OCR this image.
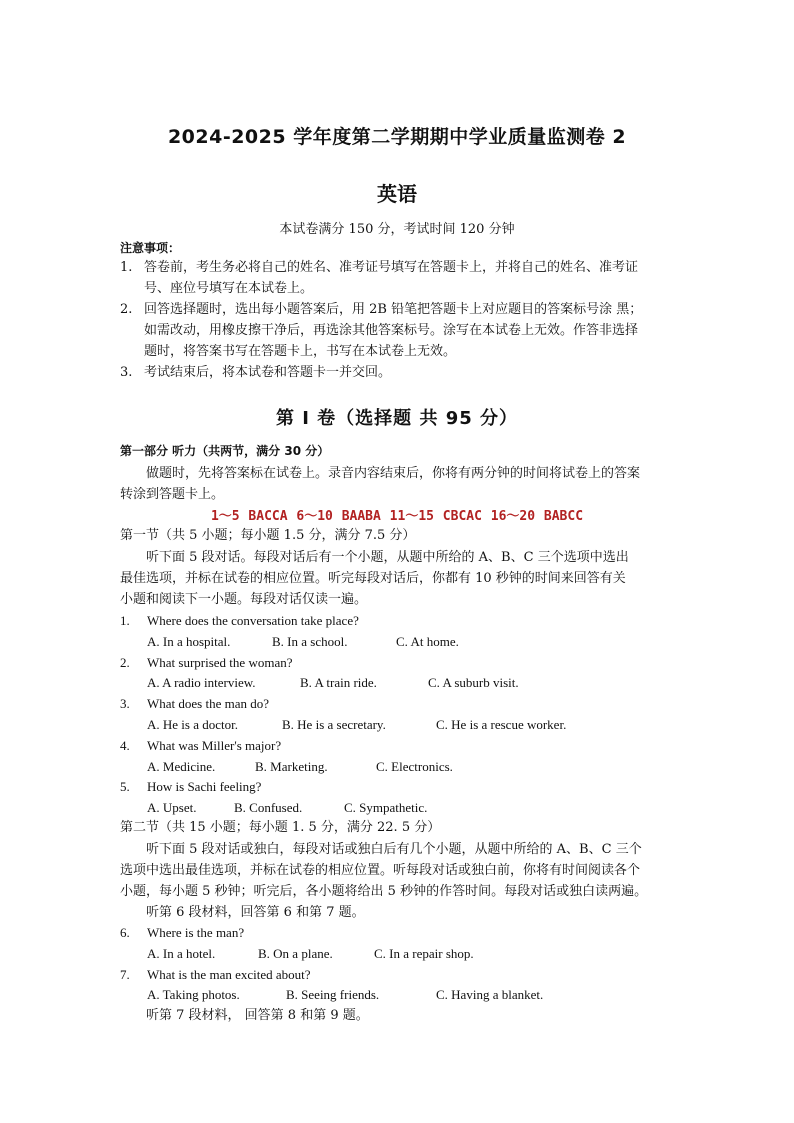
2024-2025 学年度第二学期期中学业质量监测卷 2
英语
本试卷满分 150 分，考试时间 120 分钟
注意事项：
1. 答卷前，考生务必将自己的姓名、准考证号填写在答题卡上，并将自己的姓名、准考证
号、座位号填写在本试卷上。
2. 回答选择题时，选出每小题答案后，用 2B 铅笔把答题卡上对应题目的答案标号涂 黑；
如需改动，用橡皮擦干净后，再选涂其他答案标号。涂写在本试卷上无效。作答非选择
题时，将答案书写在答题卡上，书写在本试卷上无效。
3. 考试结束后，将本试卷和答题卡一并交回。
第 I 卷（选择题 共 95 分）
第一部分 听力（共两节，满分 30 分）
做题时，先将答案标在试卷上。录音内容结束后，你将有两分钟的时间将试卷上的答案
转涂到答题卡上。
1～5 BACCA 6～10 BAABA 11～15 CBCAC 16～20 BABCC
第一节（共 5 小题；每小题 1.5 分，满分 7.5 分）
听下面 5 段对话。每段对话后有一个小题，从题中所给的 A、B、C 三个选项中选出
最佳选项，并标在试卷的相应位置。听完每段对话后，你都有 10 秒钟的时间来回答有关
小题和阅读下一小题。每段对话仅读一遍。
1. Where does the conversation take place?
A. In a hospital.	B. In a school.	C. At home.
2. What surprised the woman?
A. A radio interview.	B. A train ride.	C. A suburb visit.
3. What does the man do?
A. He is a doctor.	B. He is a secretary.	C. He is a rescue worker.
4. What was Miller's major?
A. Medicine.	B. Marketing.	C. Electronics.
5. How is Sachi feeling?
A. Upset.	B. Confused.	C. Sympathetic.
第二节（共 15 小题；每小题 1. 5 分，满分 22. 5 分）
听下面 5 段对话或独白，每段对话或独白后有几个小题，从题中所给的 A、B、C 三个
选项中选出最佳选项，并标在试卷的相应位置。听每段对话或独白前，你将有时间阅读各个
小题，每小题 5 秒钟；听完后，各小题将给出 5 秒钟的作答时间。每段对话或独白读两遍。
听第 6 段材料，回答第 6 和第 7 题。
6. Where is the man?
A. In a hotel.	B. On a plane.	C. In a repair shop.
7. What is the man excited about?
A. Taking photos.	B. Seeing friends.	C. Having a blanket.
听第 7 段材料， 回答第 8 和第 9 题。
